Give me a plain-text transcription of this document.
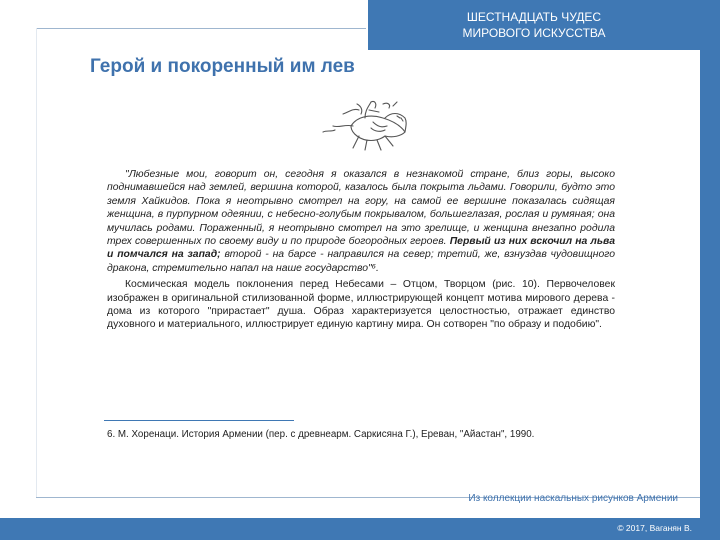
ШЕСТНАДЦАТЬ ЧУДЕС
МИРОВОГО ИСКУССТВА
Герой и покоренный им лев

"Любезные мои, говорит он, сегодня я оказался в незнакомой стране, близ горы, высоко поднимавшейся над землей, вершина которой, казалось была покрыта льдами. Говорили, будто это земля Хайкидов. Пока я неотрывно смотрел на гору, на самой ее вершине показалась сидящая женщина, в пурпурном одеянии, с небесно-голубым покрывалом, большеглазая, рослая и румяная; она мучилась родами. Пораженный, я неотрывно смотрел на это зрелище, и женщина внезапно родила трех совершенных по своему виду и по природе богородных героев. Первый из них вскочил на льва и помчался на запад; второй - на барсе - направился на север; третий, же, взнуздав чудовищного дракона, стремительно напал на наше государство"⁶.

Космическая модель поклонения перед Небесами – Отцом, Творцом (рис. 10). Первочеловек изображен в оригинальной стилизованной форме, иллюстрирующей концепт мотива мирового дерева - дома из которого "прирастает" душа. Образ характеризуется целостностью, отражает единство духовного и материального, иллюстрирует единую картину мира. Он сотворен "по образу и подобию".

6. М. Хоренаци. История Армении (пер. с древнеарм. Саркисяна Г.), Ереван, "Айастан", 1990.
Из коллекции наскальных рисунков Армении
© 2017, Ваганян В.
